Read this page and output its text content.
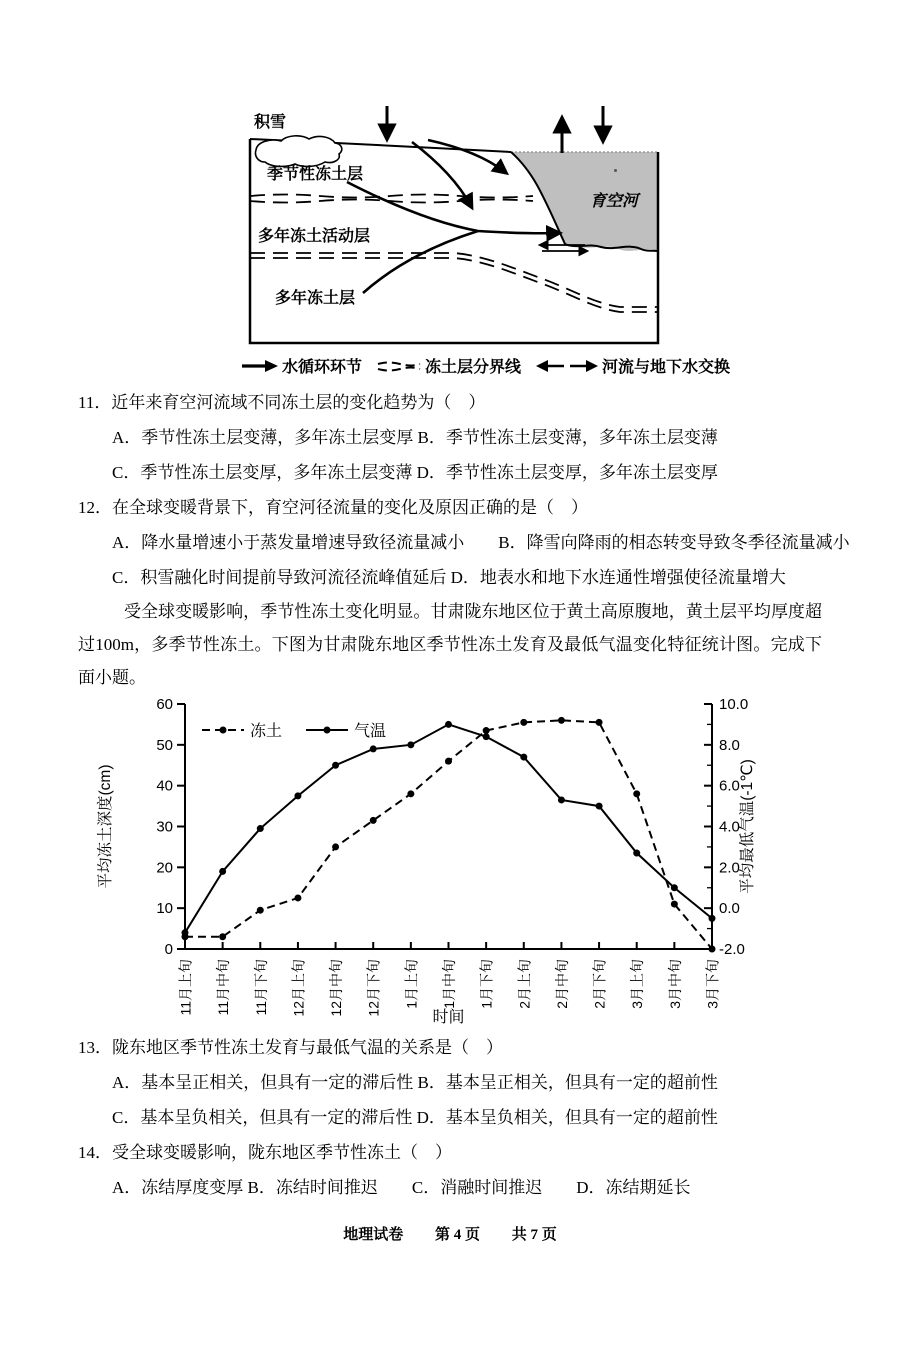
积雪
季节性冻土层
多年冻土活动层
多年冻土层
育空河
水循环环节	冻土层分界线	河流与地下水交换
11．近年来育空河流域不同冻土层的变化趋势为（　）
A．季节性冻土层变薄，多年冻土层变厚 B．季节性冻土层变薄，多年冻土层变薄
C．季节性冻土层变厚，多年冻土层变薄 D．季节性冻土层变厚，多年冻土层变厚
12．在全球变暖背景下，育空河径流量的变化及原因正确的是（　）
A．降水量增速小于蒸发量增速导致径流量减小　　B．降雪向降雨的相态转变导致冬季径流量减小
C．积雪融化时间提前导致河流径流峰值延后 D．地表水和地下水连通性增强使径流量增大
受全球变暖影响，季节性冻土变化明显。甘肃陇东地区位于黄土高原腹地，黄土层平均厚度超过100m，多季节性冻土。下图为甘肃陇东地区季节性冻土发育及最低气温变化特征统计图。完成下面小题。
0
10
20
30
40
50
60
-2.0
0.0
2.0
4.0
6.0
8.0
10.0
11月上旬 11月中旬 11月下旬 12月上旬 12月中旬 12月下旬 1月上旬 1月中旬 1月下旬 2月上旬 2月中旬 2月下旬 3月上旬 3月中旬 3月下旬
平均冻土深度(cm)	平均最低气温(-1℃)
时间
冻土	气温
13．陇东地区季节性冻土发育与最低气温的关系是（　）
A．基本呈正相关，但具有一定的滞后性 B．基本呈正相关，但具有一定的超前性
C．基本呈负相关，但具有一定的滞后性 D．基本呈负相关，但具有一定的超前性
14．受全球变暖影响，陇东地区季节性冻土（　）
A．冻结厚度变厚 B．冻结时间推迟　　C．消融时间推迟　　D．冻结期延长
地理试卷 第 4 页 共 7 页
